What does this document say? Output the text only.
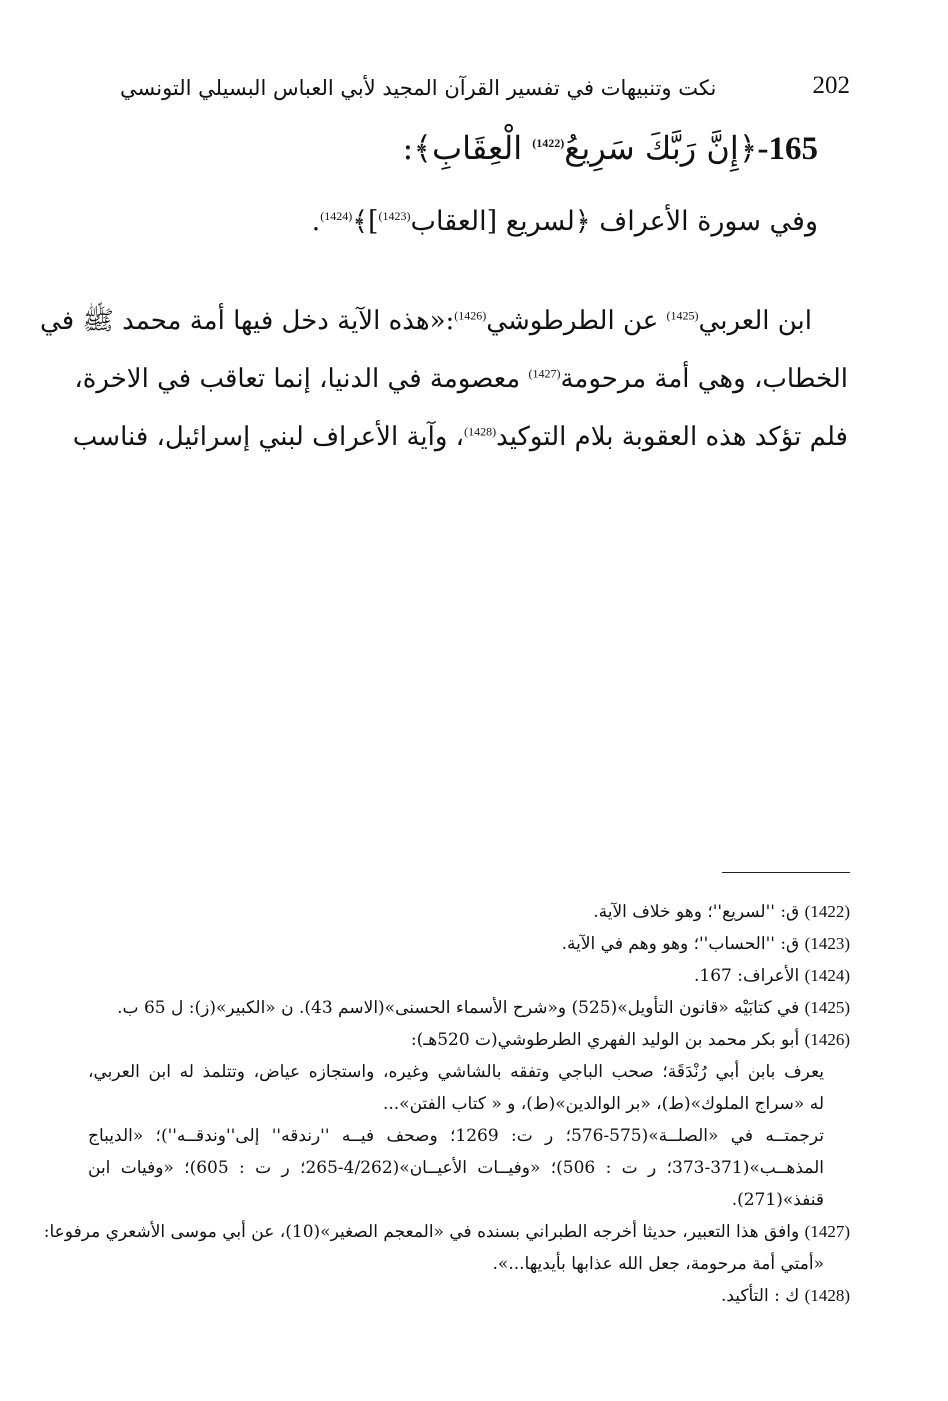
202
نكت وتنبيهات في تفسير القرآن المجيد لأبي العباس البسيلي التونسي
165-﴿إِنَّ رَبَّكَ سَرِيعُ$^{(1422)}$ الْعِقَابِ﴾:
وفي سورة الأعراف ﴿لسريع [العقاب$^{(1423)}$]﴾$^{(1424)}$.

ابن العربي$^{(1425)}$ عن الطرطوشي$^{(1426)}$:«هذه الآية دخل فيها أمة محمد ﷺ في

الخطاب، وهي أمة مرحومة$^{(1427)}$ معصومة في الدنيا، إنما تعاقب في الاخرة،

فلم تؤكد هذه العقوبة بلام التوكيد$^{(1428)}$، وآية الأعراف لبني إسرائيل، فناسب

(1422) ق: ''لسريع''؛ وهو خلاف الآية.

(1423) ق: ''الحساب''؛ وهو وهم في الآية.

(1424) الأعراف: 167.

(1425) في كتابَيْه «قانون التأويل»(525) و«شرح الأسماء الحسنى»(الاسم 43). ن «الكبير»(ز): ل 65 ب.

(1426) أبو بكر محمد بن الوليد الفهري الطرطوشي(ت 520هـ):

يعرف بابن أبي رُنْدَقَة؛ صحب الباجي وتفقه بالشاشي وغيره، واستجازه عياض، وتتلمذ له ابن العربي،

له «سراج الملوك»(ط)، «بر الوالدين»(ط)، و « كتاب الفتن»...

ترجمتــه في «الصلــة»(575-576؛ ر ت: 1269؛ وصحف فيــه ''رندقه'' إلى''وندقــه'')؛ «الديباج

المذهــب»(371-373؛ ر ت : 506)؛ «وفيــات الأعيــان»(4/262-265؛ ر ت : 605)؛ «وفيات ابن

قنفذ»(271).

(1427) وافق هذا التعبير، حديثا أخرجه الطبراني بسنده في «المعجم الصغير»(10)، عن أبي موسى الأشعري مرفوعا:

«أمتي أمة مرحومة، جعل الله عذابها بأيديها...».

(1428) ك : التأكيد.
